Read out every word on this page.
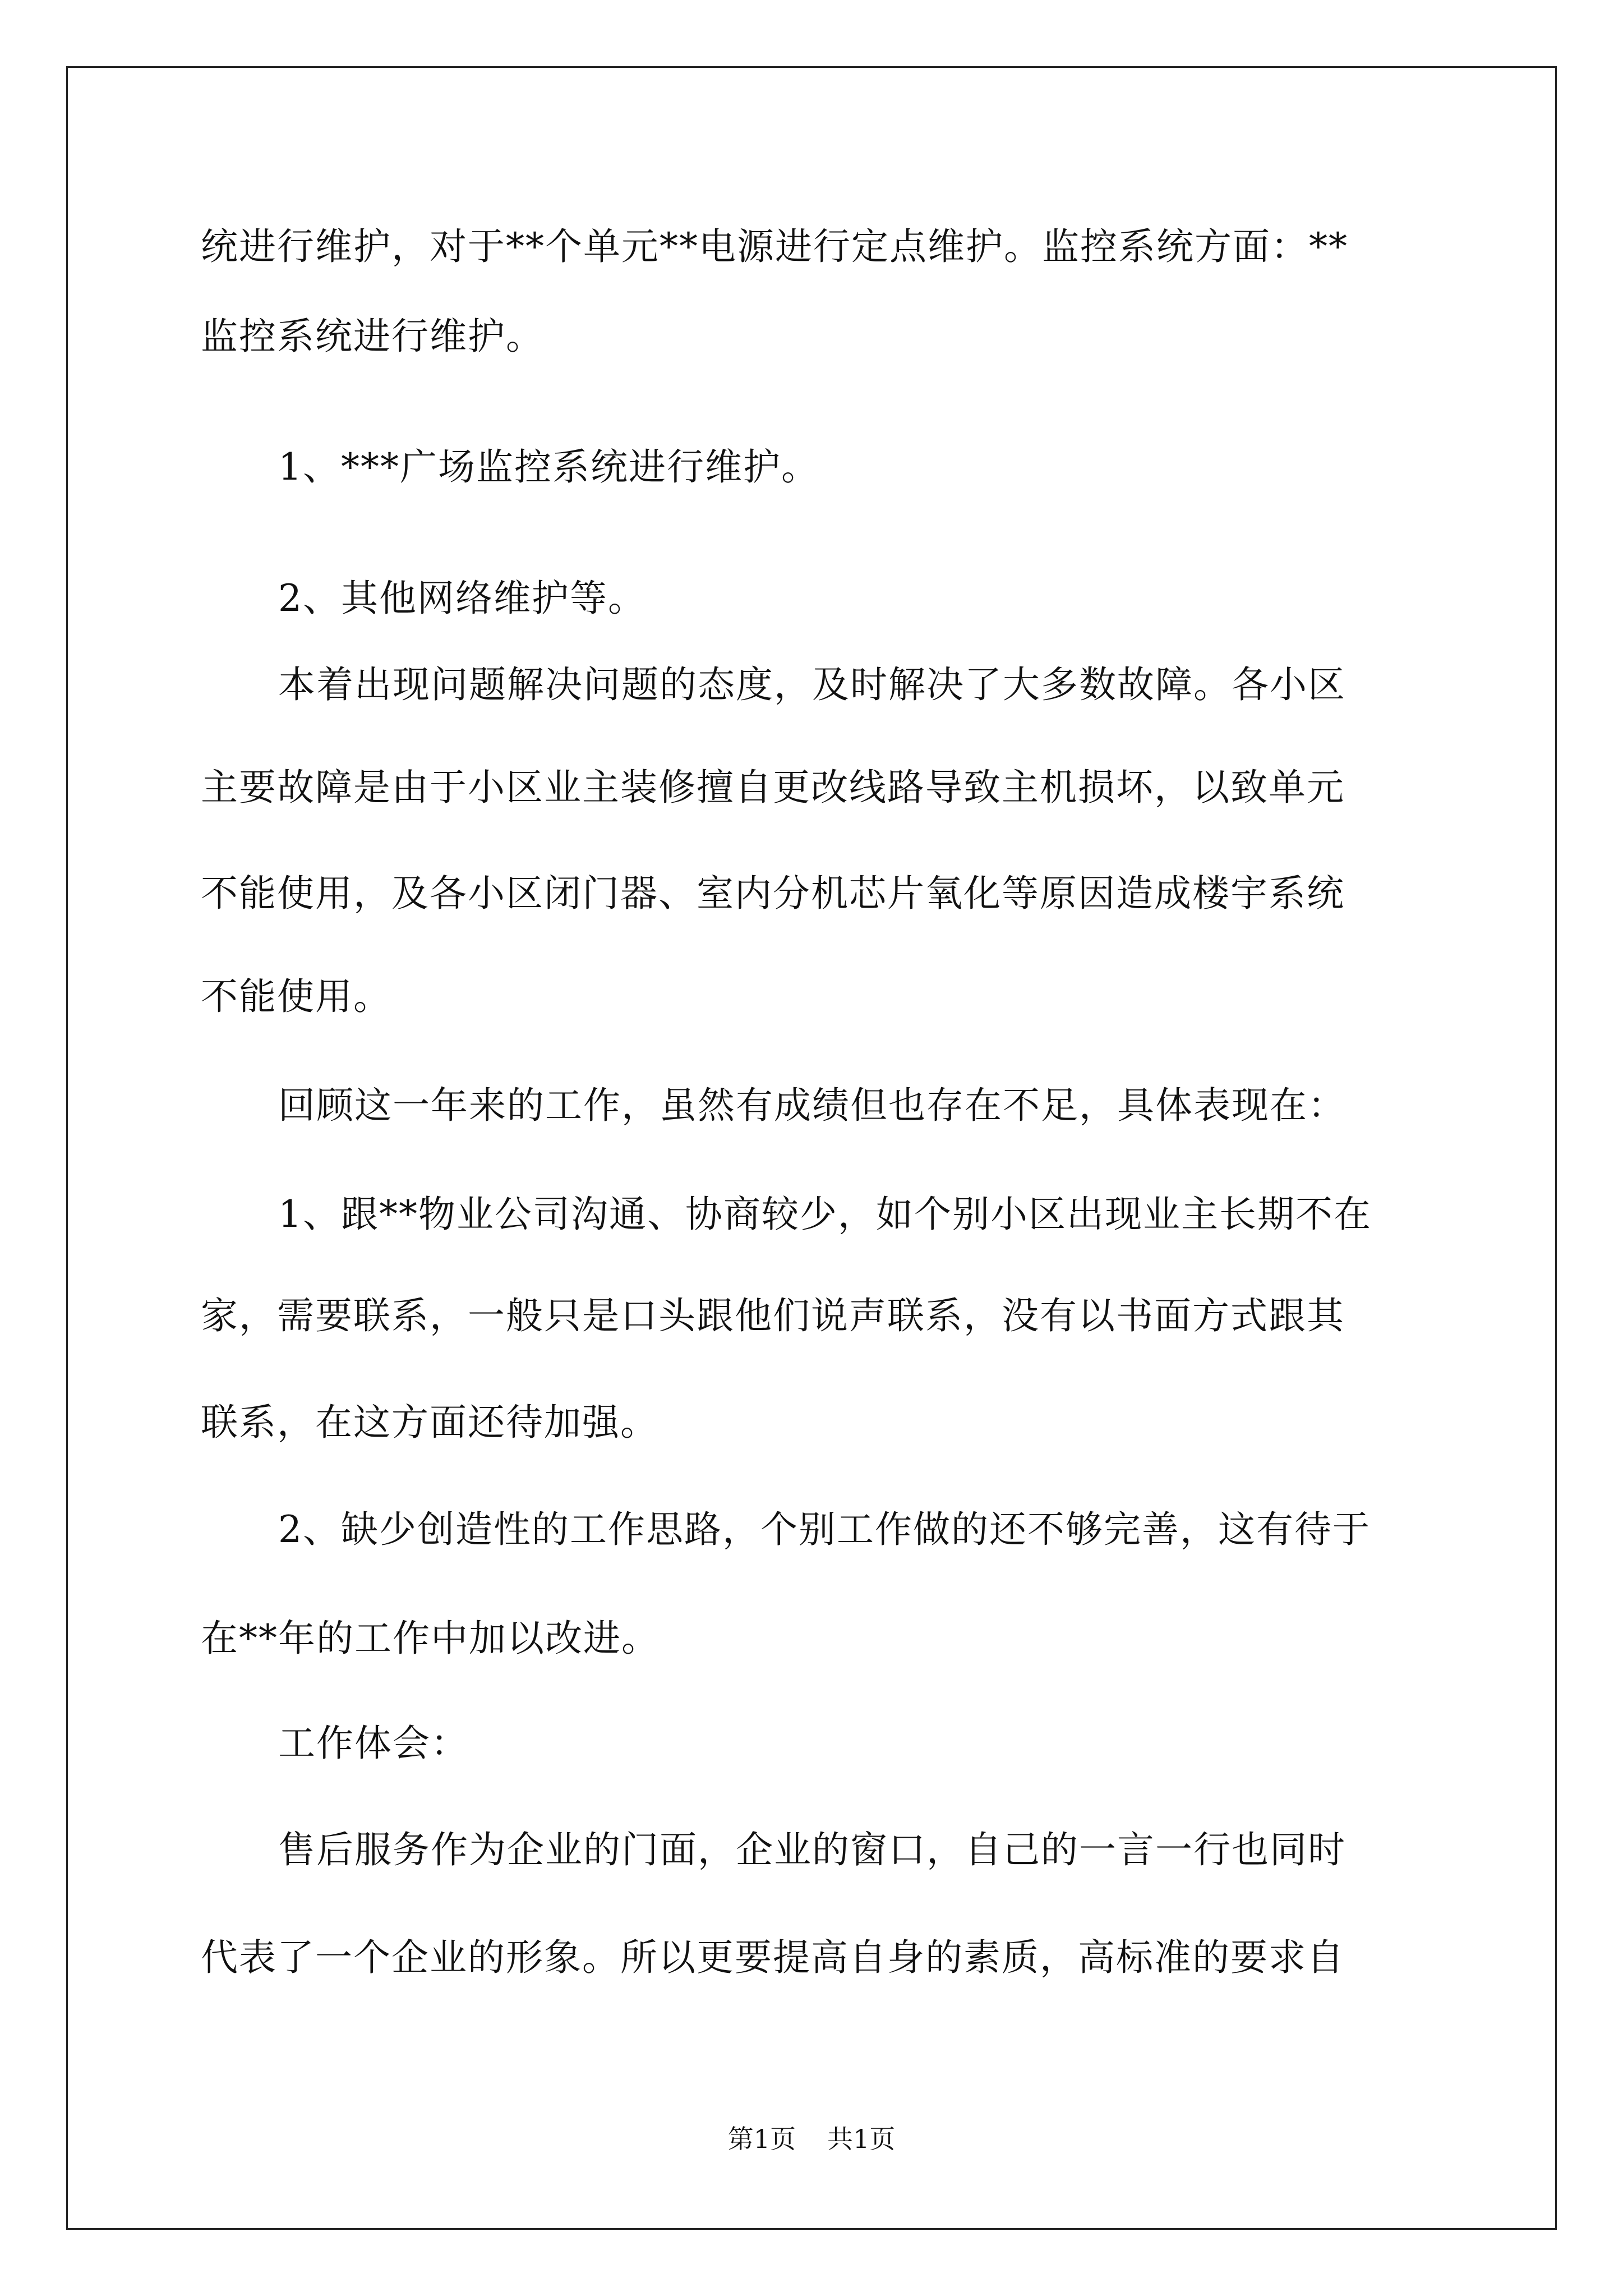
统进行维护，对于**个单元**电源进行定点维护。监控系统方面：**
监控系统进行维护。
1、***广场监控系统进行维护。
2、其他网络维护等。
本着出现问题解决问题的态度，及时解决了大多数故障。各小区
主要故障是由于小区业主装修擅自更改线路导致主机损坏，以致单元
不能使用，及各小区闭门器、室内分机芯片氧化等原因造成楼宇系统
不能使用。
回顾这一年来的工作，虽然有成绩但也存在不足，具体表现在：
1、跟**物业公司沟通、协商较少，如个别小区出现业主长期不在
家，需要联系，一般只是口头跟他们说声联系，没有以书面方式跟其
联系，在这方面还待加强。
2、缺少创造性的工作思路，个别工作做的还不够完善，这有待于
在**年的工作中加以改进。
工作体会：
售后服务作为企业的门面，企业的窗口，自己的一言一行也同时
代表了一个企业的形象。所以更要提高自身的素质，高标准的要求自
第1页 共1页
